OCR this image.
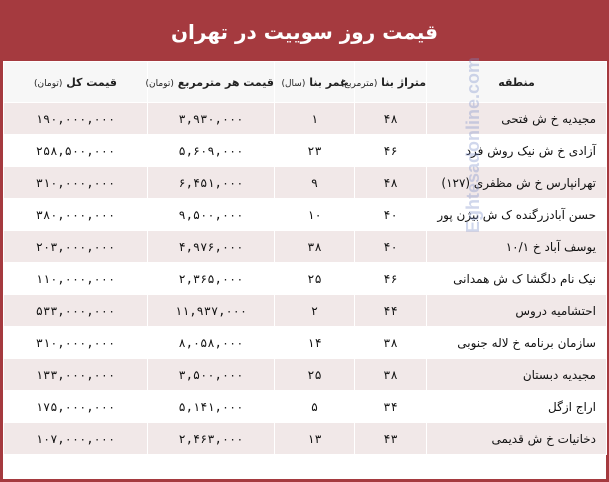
قیمت روز سوییت در تهران
منطقه	متراژ بنا (مترمربع)	عمر بنا (سال)	قیمت هر مترمربع (تومان)	قیمت کل (تومان)
مجیدیه خ ش فتحی	۴۸	۱	۳,۹۳۰,۰۰۰	۱۹۰,۰۰۰,۰۰۰
آزادی خ ش نیک روش فرد	۴۶	۲۳	۵,۶۰۹,۰۰۰	۲۵۸,۵۰۰,۰۰۰
تهرانپارس خ ش مظفری (۱۲۷)	۴۸	۹	۶,۴۵۱,۰۰۰	۳۱۰,۰۰۰,۰۰۰
حسن آبادزرگنده ک ش بیژن پور	۴۰	۱۰	۹,۵۰۰,۰۰۰	۳۸۰,۰۰۰,۰۰۰
یوسف آباد خ ۱۰/۱	۴۰	۳۸	۴,۹۷۶,۰۰۰	۲۰۳,۰۰۰,۰۰۰
نیک نام دلگشا ک ش همدانی	۴۶	۲۵	۲,۳۶۵,۰۰۰	۱۱۰,۰۰۰,۰۰۰
احتشامیه دروس	۴۴	۲	۱۱,۹۳۷,۰۰۰	۵۳۳,۰۰۰,۰۰۰
سازمان برنامه خ لاله جنوبی	۳۸	۱۴	۸,۰۵۸,۰۰۰	۳۱۰,۰۰۰,۰۰۰
مجیدیه دبستان	۳۸	۲۵	۳,۵۰۰,۰۰۰	۱۳۳,۰۰۰,۰۰۰
اراج ازگل	۳۴	۵	۵,۱۴۱,۰۰۰	۱۷۵,۰۰۰,۰۰۰
دخانیات خ ش قدیمی	۴۳	۱۳	۲,۴۶۳,۰۰۰	۱۰۷,۰۰۰,۰۰۰
Eghtesadonline.com
